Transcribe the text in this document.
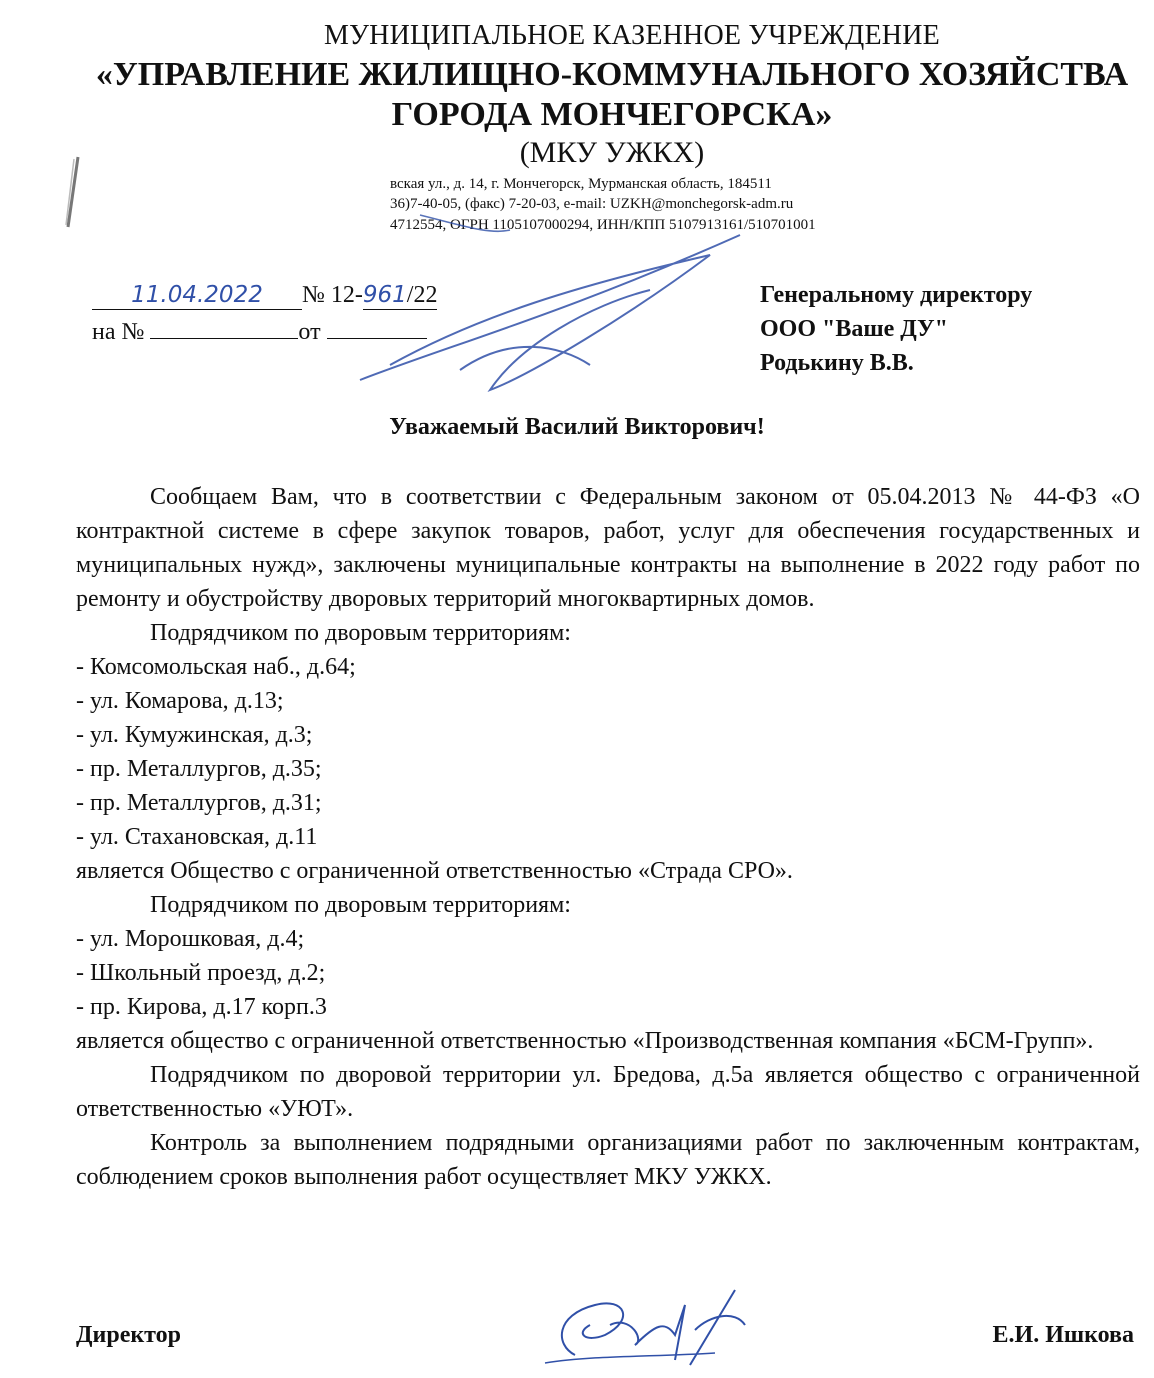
МУНИЦИПАЛЬНОЕ КАЗЕННОЕ УЧРЕЖДЕНИЕ
«УПРАВЛЕНИЕ ЖИЛИЩНО-КОММУНАЛЬНОГО ХОЗЯЙСТВА
ГОРОДА МОНЧЕГОРСКА»
(МКУ УЖКХ)
вская ул., д. 14, г. Мончегорск, Мурманская область, 184511
36)7-40-05, (факс) 7-20-03, e-mail: UZKH@monchegorsk-adm.ru
4712554, ОГРН 1105107000294, ИНН/КПП 5107913161/510701001
11.04.2022 № 12-961/22
на №	от
Генеральному директору
ООО "Ваше ДУ"
Родькину В.В.
Уважаемый Василий Викторович!

Сообщаем Вам, что в соответствии с Федеральным законом от 05.04.2013 № 44-ФЗ «О контрактной системе в сфере закупок товаров, работ, услуг для обеспечения государственных и муниципальных нужд», заключены муниципальные контракты на выполнение в 2022 году работ по ремонту и обустройству дворовых территорий многоквартирных домов.

Подрядчиком по дворовым территориям:

- Комсомольская наб., д.64;

- ул. Комарова, д.13;

- ул. Кумужинская, д.3;

- пр. Металлургов, д.35;

- пр. Металлургов, д.31;

- ул. Стахановская, д.11

является Общество с ограниченной ответственностью «Страда СРО».

Подрядчиком по дворовым территориям:

- ул. Морошковая, д.4;

- Школьный проезд, д.2;

- пр. Кирова, д.17 корп.3

является общество с ограниченной ответственностью «Производственная компания «БСМ-Групп».

Подрядчиком по дворовой территории ул. Бредова, д.5а является общество с ограниченной ответственностью «УЮТ».

Контроль за выполнением подрядными организациями работ по заключенным контрактам, соблюдением сроков выполнения работ осуществляет МКУ УЖКХ.

Директор	Е.И. Ишкова
